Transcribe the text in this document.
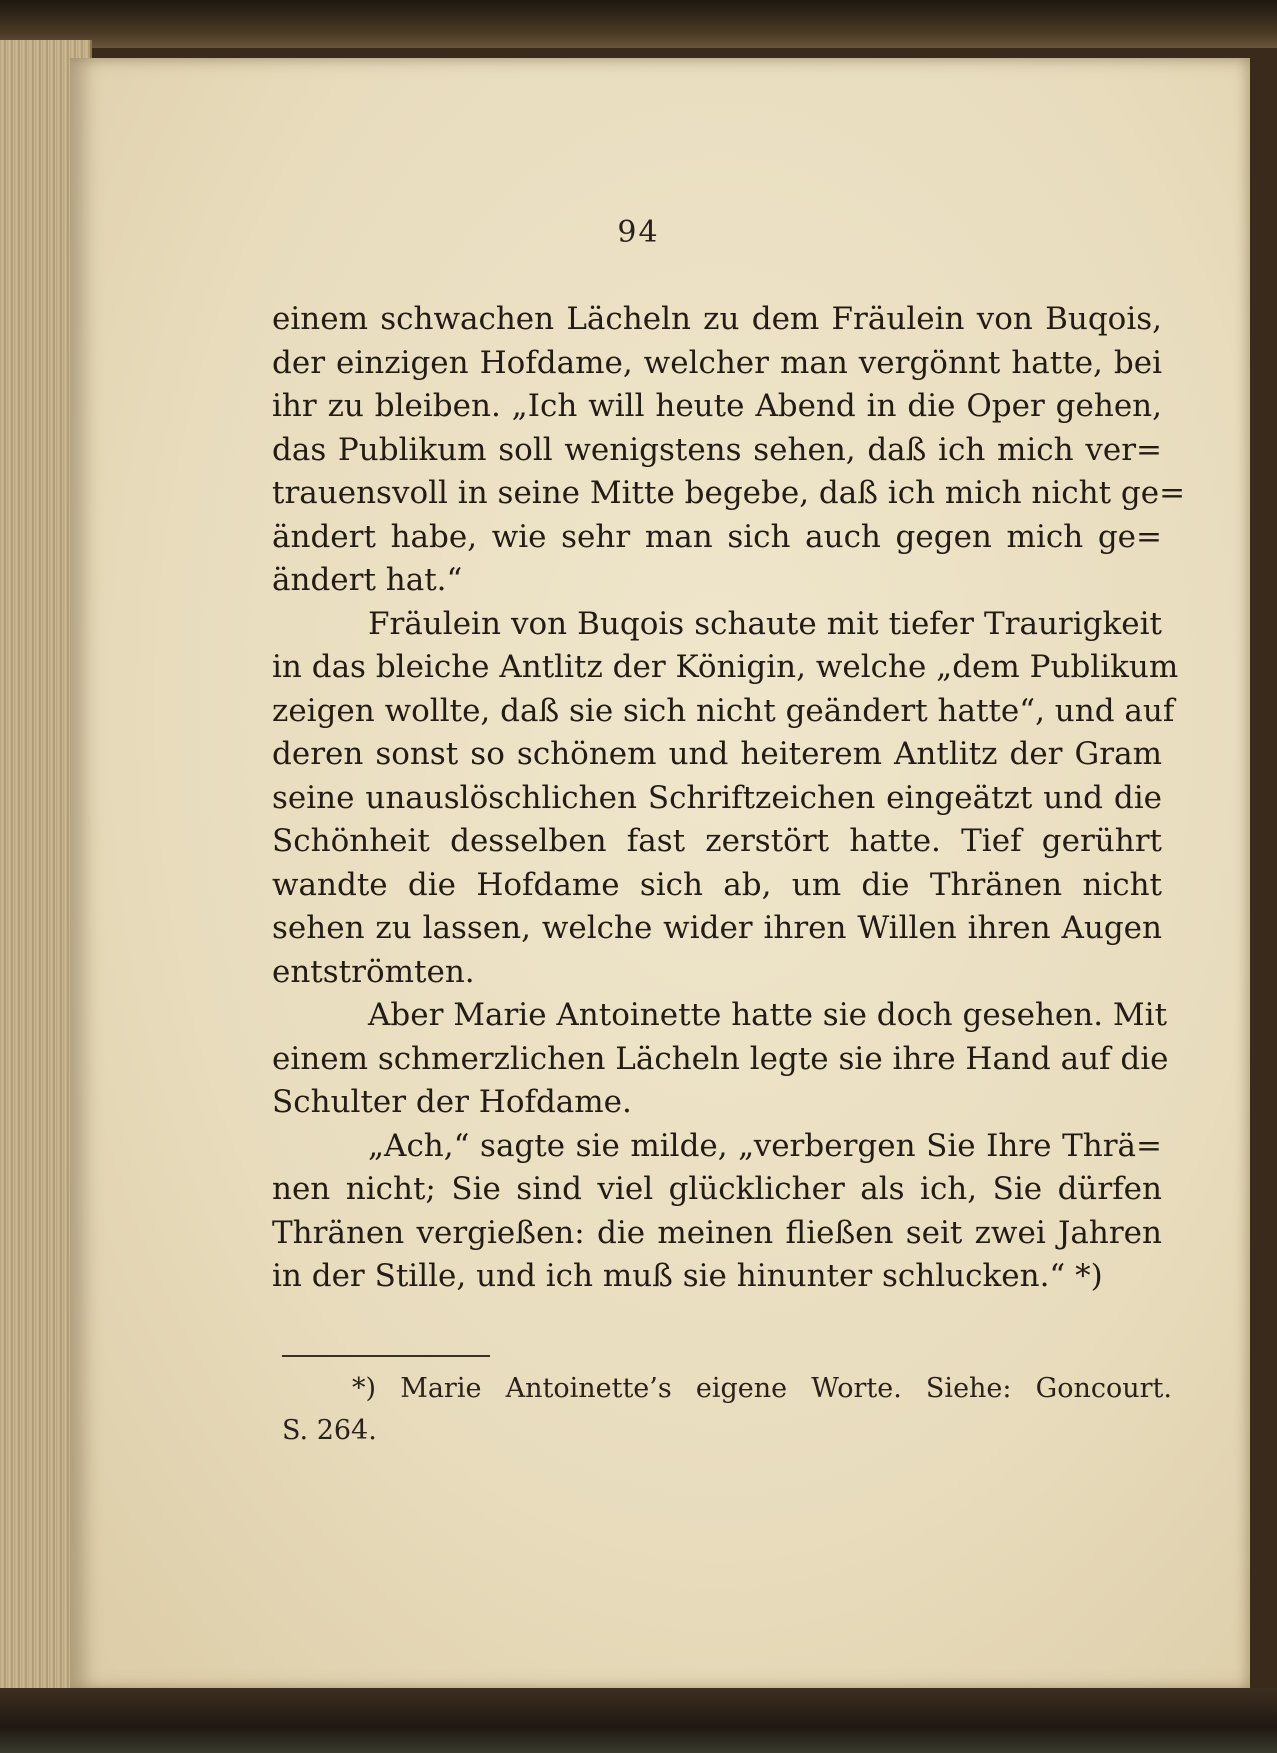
94
einem schwachen Lächeln zu dem Fräulein von Buqois,
der einzigen Hofdame, welcher man vergönnt hatte, bei
ihr zu bleiben. „Ich will heute Abend in die Oper gehen,
das Publikum soll wenigstens sehen, daß ich mich ver=
trauensvoll in seine Mitte begebe, daß ich mich nicht ge=
ändert habe, wie sehr man sich auch gegen mich ge=
ändert hat.“
Fräulein von Buqois schaute mit tiefer Traurigkeit
in das bleiche Antlitz der Königin, welche „dem Publikum
zeigen wollte, daß sie sich nicht geändert hatte“, und auf
deren sonst so schönem und heiterem Antlitz der Gram
seine unauslöschlichen Schriftzeichen eingeätzt und die
Schönheit desselben fast zerstört hatte. Tief gerührt
wandte die Hofdame sich ab, um die Thränen nicht
sehen zu lassen, welche wider ihren Willen ihren Augen
entströmten.
Aber Marie Antoinette hatte sie doch gesehen. Mit
einem schmerzlichen Lächeln legte sie ihre Hand auf die
Schulter der Hofdame.
„Ach,“ sagte sie milde, „verbergen Sie Ihre Thrä=
nen nicht; Sie sind viel glücklicher als ich, Sie dürfen
Thränen vergießen: die meinen fließen seit zwei Jahren
in der Stille, und ich muß sie hinunter schlucken.“ *)
*) Marie Antoinette’s eigene Worte. Siehe: Goncourt.
S. 264.
